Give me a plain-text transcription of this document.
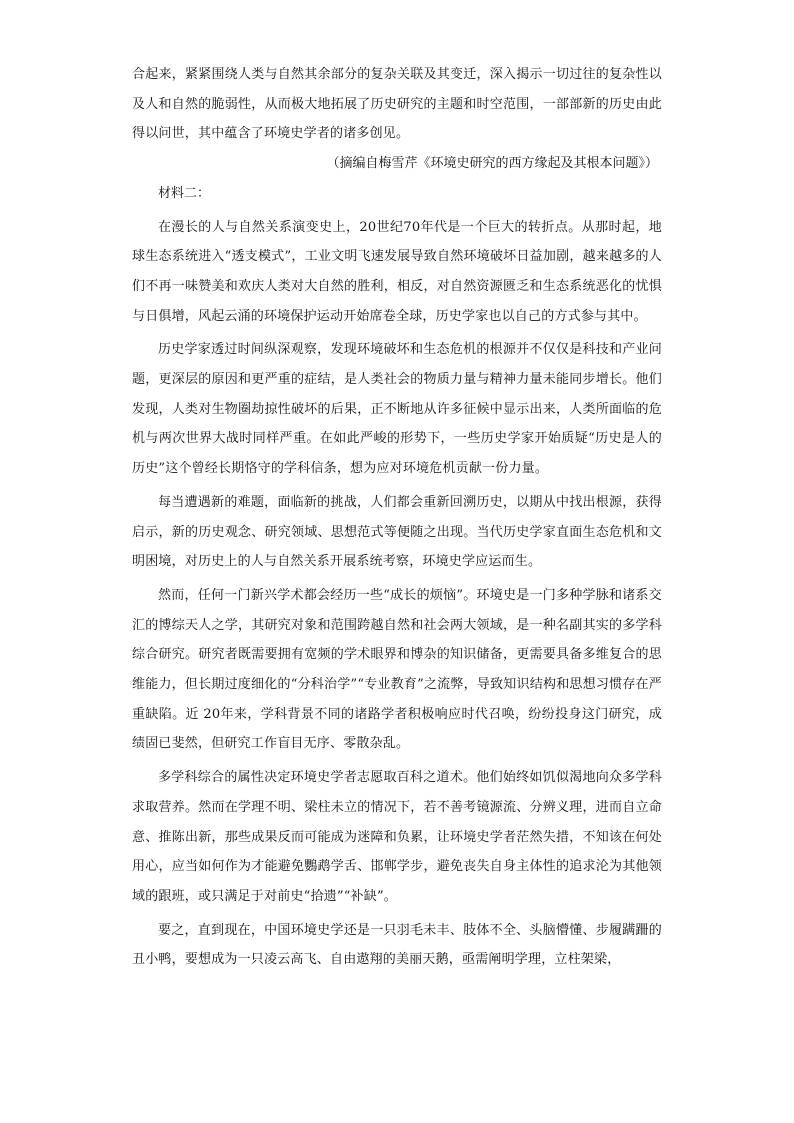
合起来，紧紧围绕人类与自然其余部分的复杂关联及其变迁，深入揭示一切过往的复杂性以及人和自然的脆弱性，从而极大地拓展了历史研究的主题和时空范围，一部部新的历史由此得以问世，其中蕴含了环境史学者的诸多创见。

（摘编自梅雪芹《环境史研究的西方缘起及其根本问题》）

材料二：

在漫长的人与自然关系演变史上，20世纪70年代是一个巨大的转折点。从那时起，地球生态系统进入“透支模式”，工业文明飞速发展导致自然环境破坏日益加剧，越来越多的人们不再一味赞美和欢庆人类对大自然的胜利，相反，对自然资源匮乏和生态系统恶化的忧惧与日俱增，风起云涌的环境保护运动开始席卷全球，历史学家也以自己的方式参与其中。

历史学家透过时间纵深观察，发现环境破坏和生态危机的根源并不仅仅是科技和产业问题，更深层的原因和更严重的症结，是人类社会的物质力量与精神力量未能同步增长。他们发现，人类对生物圈劫掠性破坏的后果，正不断地从许多征候中显示出来，人类所面临的危机与两次世界大战时同样严重。在如此严峻的形势下，一些历史学家开始质疑“历史是人的历史”这个曾经长期恪守的学科信条，想为应对环境危机贡献一份力量。

每当遭遇新的难题，面临新的挑战，人们都会重新回溯历史，以期从中找出根源，获得启示，新的历史观念、研究领域、思想范式等便随之出现。当代历史学家直面生态危机和文明困境，对历史上的人与自然关系开展系统考察，环境史学应运而生。

然而，任何一门新兴学术都会经历一些“成长的烦恼”。环境史是一门多种学脉和诸系交汇的博综天人之学，其研究对象和范围跨越自然和社会两大领域，是一种名副其实的多学科综合研究。研究者既需要拥有宽频的学术眼界和博杂的知识储备，更需要具备多维复合的思维能力，但长期过度细化的“分科治学”“专业教育”之流弊，导致知识结构和思想习惯存在严重缺陷。近 20年来，学科背景不同的诸路学者积极响应时代召唤，纷纷投身这门研究，成绩固已斐然，但研究工作盲目无序、零散杂乱。

多学科综合的属性决定环境史学者志愿取百科之道术。他们始终如饥似渴地向众多学科求取营养。然而在学理不明、梁柱未立的情况下，若不善考镜源流、分辨义理，进而自立命意、推陈出新，那些成果反而可能成为迷障和负累，让环境史学者茫然失措，不知该在何处用心，应当如何作为才能避免鸚鹉学舌、邯郸学步，避免丧失自身主体性的追求沦为其他领域的跟班，或只满足于对前史“拾遗”“补缺”。

要之，直到现在，中国环境史学还是一只羽毛未丰、肢体不全、头脑懵懂、步履蹒跚的丑小鸭，要想成为一只凌云高飞、自由遨翔的美丽天鹅，亟需阐明学理，立柱架梁，
